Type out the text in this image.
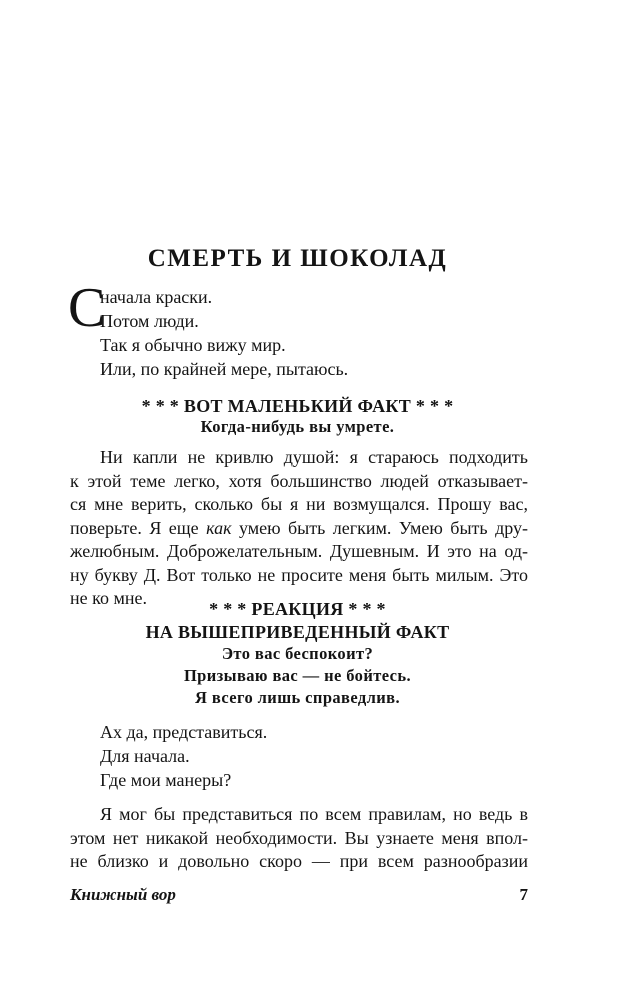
СМЕРТЬ И ШОКОЛАД
С
начала краски.
Потом люди.
Так я обычно вижу мир.
Или, по крайней мере, пытаюсь.
* * * ВОТ МАЛЕНЬКИЙ ФАКТ * * *
Когда-нибудь вы умрете.
Ни капли не кривлю душой: я стараюсь подходить
к этой теме легко, хотя большинство людей отказывает-
ся мне верить, сколько бы я ни возмущался. Прошу вас,
поверьте. Я еще как умею быть легким. Умею быть дру-
желюбным. Доброжелательным. Душевным. И это на од-
ну букву Д. Вот только не просите меня быть милым. Это
не ко мне.
* * * РЕАКЦИЯ * * *
НА ВЫШЕПРИВЕДЕННЫЙ ФАКТ
Это вас беспокоит?
Призываю вас — не бойтесь.
Я всего лишь справедлив.
Ах да, представиться.
Для начала.
Где мои манеры?
Я мог бы представиться по всем правилам, но ведь в
этом нет никакой необходимости. Вы узнаете меня впол-
не близко и довольно скоро — при всем разнообразии
Книжный вор	7
